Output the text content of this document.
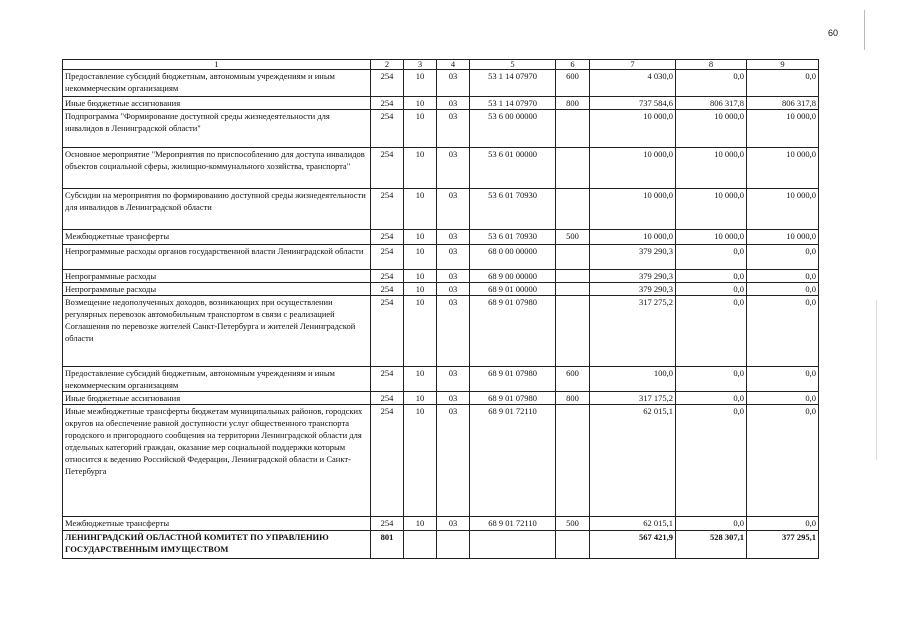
60
1	2	3	4	5	6	7	8	9
Предоставление субсидий бюджетным, автономным учреждениям и иным некоммерческим организациям	254	10	03	53 1 14 07970	600	4 030,0	0,0	0,0
Иные бюджетные ассигнования	254	10	03	53 1 14 07970	800	737 584,6	806 317,8	806 317,8
Подпрограмма "Формирование доступной среды жизнедеятельности для инвалидов в Ленинградской области"	254	10	03	53 6 00 00000		10 000,0	10 000,0	10 000,0
Основное мероприятие "Мероприятия по приспособлению для доступа инвалидов объектов социальной сферы, жилищно-коммунального хозяйства, транспорта"	254	10	03	53 6 01 00000		10 000,0	10 000,0	10 000,0
Субсидии на мероприятия по формированию доступной среды жизнедеятельности для инвалидов в Ленинградской области	254	10	03	53 6 01 70930		10 000,0	10 000,0	10 000,0
Межбюджетные трансферты	254	10	03	53 6 01 70930	500	10 000,0	10 000,0	10 000,0
Непрограммные расходы органов государственной власти Ленинградской области	254	10	03	68 0 00 00000		379 290,3	0,0	0,0
Непрограммные расходы	254	10	03	68 9 00 00000		379 290,3	0,0	0,0
Непрограммные расходы	254	10	03	68 9 01 00000		379 290,3	0,0	0,0
Возмещение недополученных доходов, возникающих при осуществлении регулярных перевозок автомобильным транспортом в связи с реализацией Соглашения по перевозке жителей Санкт-Петербурга и жителей Ленинградской области	254	10	03	68 9 01 07980		317 275,2	0,0	0,0
Предоставление субсидий бюджетным, автономным учреждениям и иным некоммерческим организациям	254	10	03	68 9 01 07980	600	100,0	0,0	0,0
Иные бюджетные ассигнования	254	10	03	68 9 01 07980	800	317 175,2	0,0	0,0
Иные межбюджетные трансферты бюджетам муниципальных районов, городских округов на обеспечение равной доступности услуг общественного транспорта городского и пригородного сообщения на территории Ленинградской области для отдельных категорий граждан, оказание мер социальной поддержки которым относится к ведению Российской Федерации, Ленинградской области и Санкт-Петербурга	254	10	03	68 9 01 72110		62 015,1	0,0	0,0
Межбюджетные трансферты	254	10	03	68 9 01 72110	500	62 015,1	0,0	0,0
ЛЕНИНГРАДСКИЙ ОБЛАСТНОЙ КОМИТЕТ ПО УПРАВЛЕНИЮ ГОСУДАРСТВЕННЫМ ИМУЩЕСТВОМ	801					567 421,9	528 307,1	377 295,1
